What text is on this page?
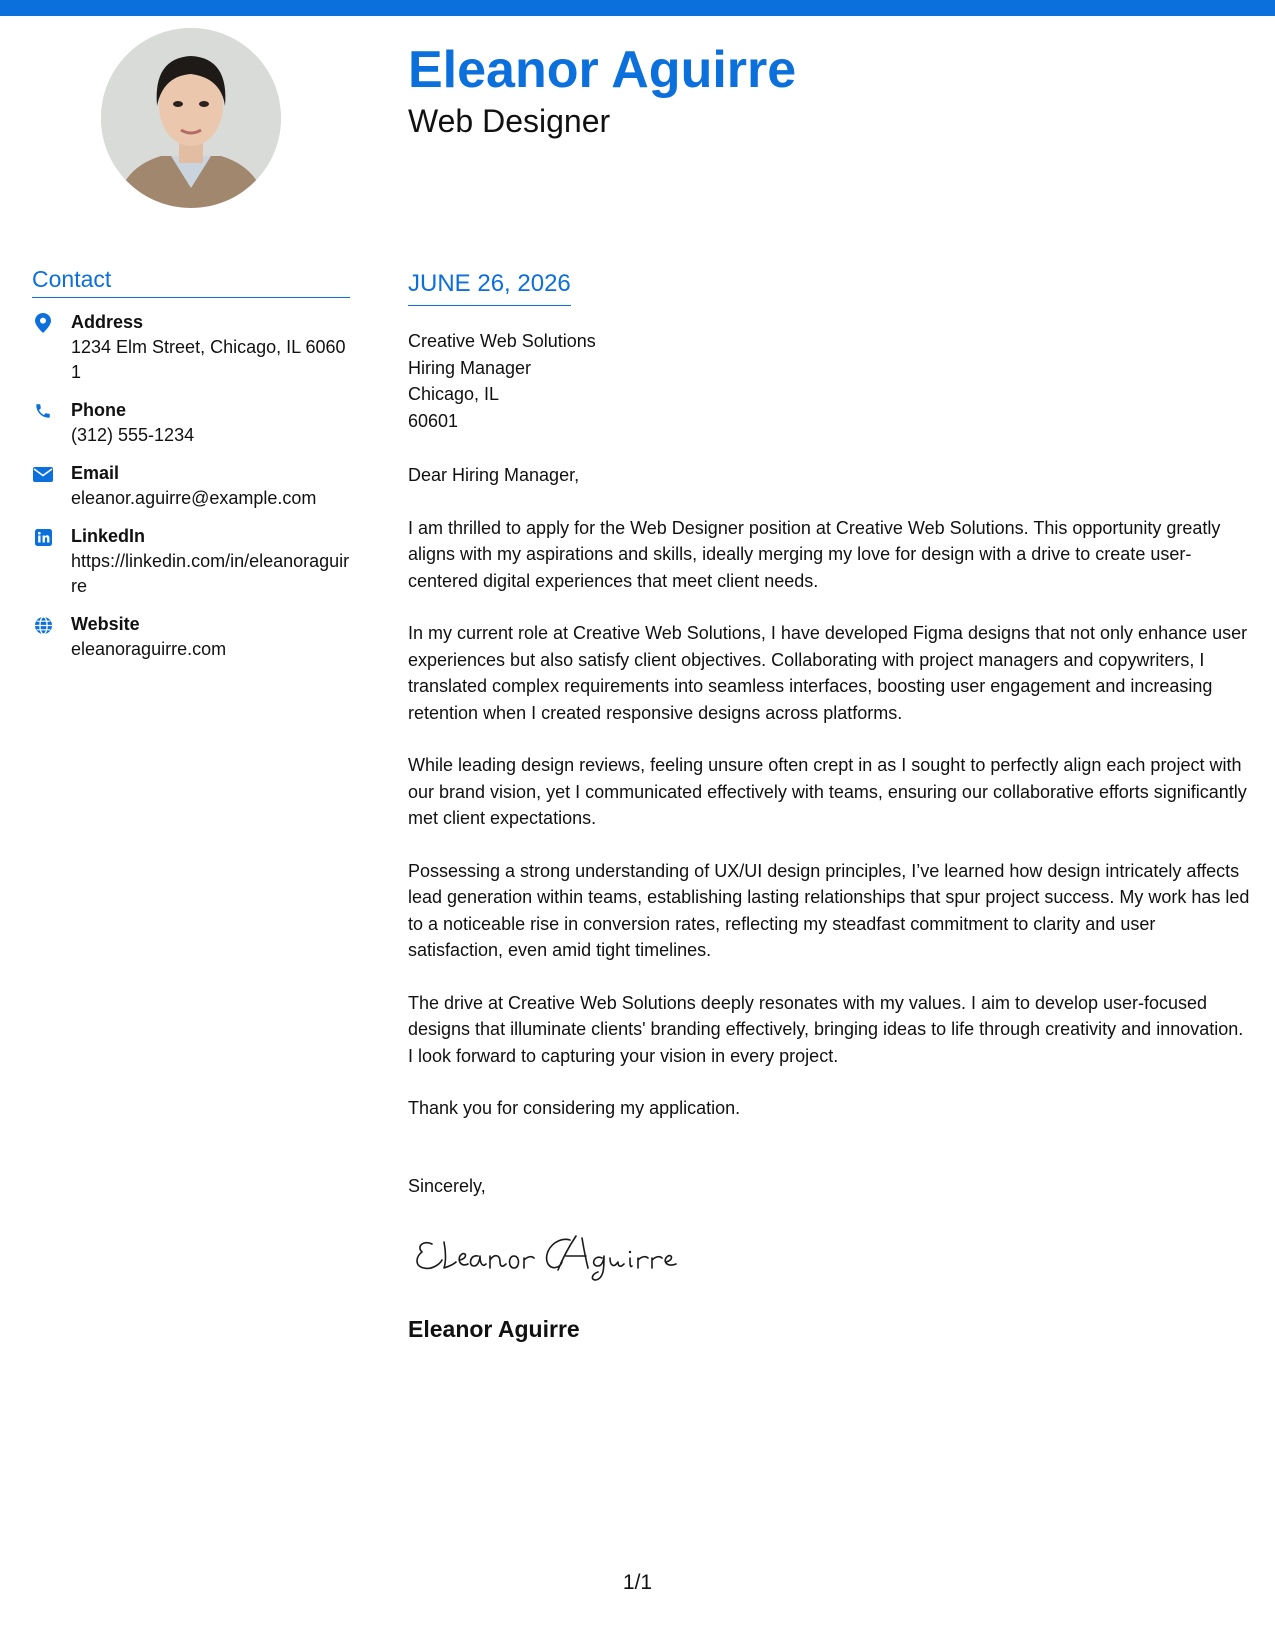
Eleanor Aguirre
Web Designer
Contact
Address
1234 Elm Street, Chicago, IL 60601
Phone
(312) 555-1234
Email
eleanor.aguirre@example.com
LinkedIn
https://linkedin.com/in/eleanoraguirre
Website
eleanoraguirre.com
JUNE 26, 2026
Creative Web Solutions
Hiring Manager
Chicago, IL
60601

Dear Hiring Manager,

I am thrilled to apply for the Web Designer position at Creative Web Solutions. This opportunity greatly aligns with my aspirations and skills, ideally merging my love for design with a drive to create user-centered digital experiences that meet client needs.

In my current role at Creative Web Solutions, I have developed Figma designs that not only enhance user experiences but also satisfy client objectives. Collaborating with project managers and copywriters, I translated complex requirements into seamless interfaces, boosting user engagement and increasing retention when I created responsive designs across platforms.

While leading design reviews, feeling unsure often crept in as I sought to perfectly align each project with our brand vision, yet I communicated effectively with teams, ensuring our collaborative efforts significantly met client expectations.

Possessing a strong understanding of UX/UI design principles, I’ve learned how design intricately affects lead generation within teams, establishing lasting relationships that spur project success. My work has led to a noticeable rise in conversion rates, reflecting my steadfast commitment to clarity and user satisfaction, even amid tight timelines.

The drive at Creative Web Solutions deeply resonates with my values. I aim to develop user-focused designs that illuminate clients' branding effectively, bringing ideas to life through creativity and innovation. I look forward to capturing your vision in every project.

Thank you for considering my application.

Sincerely,
Eleanor Aguirre
1/1
